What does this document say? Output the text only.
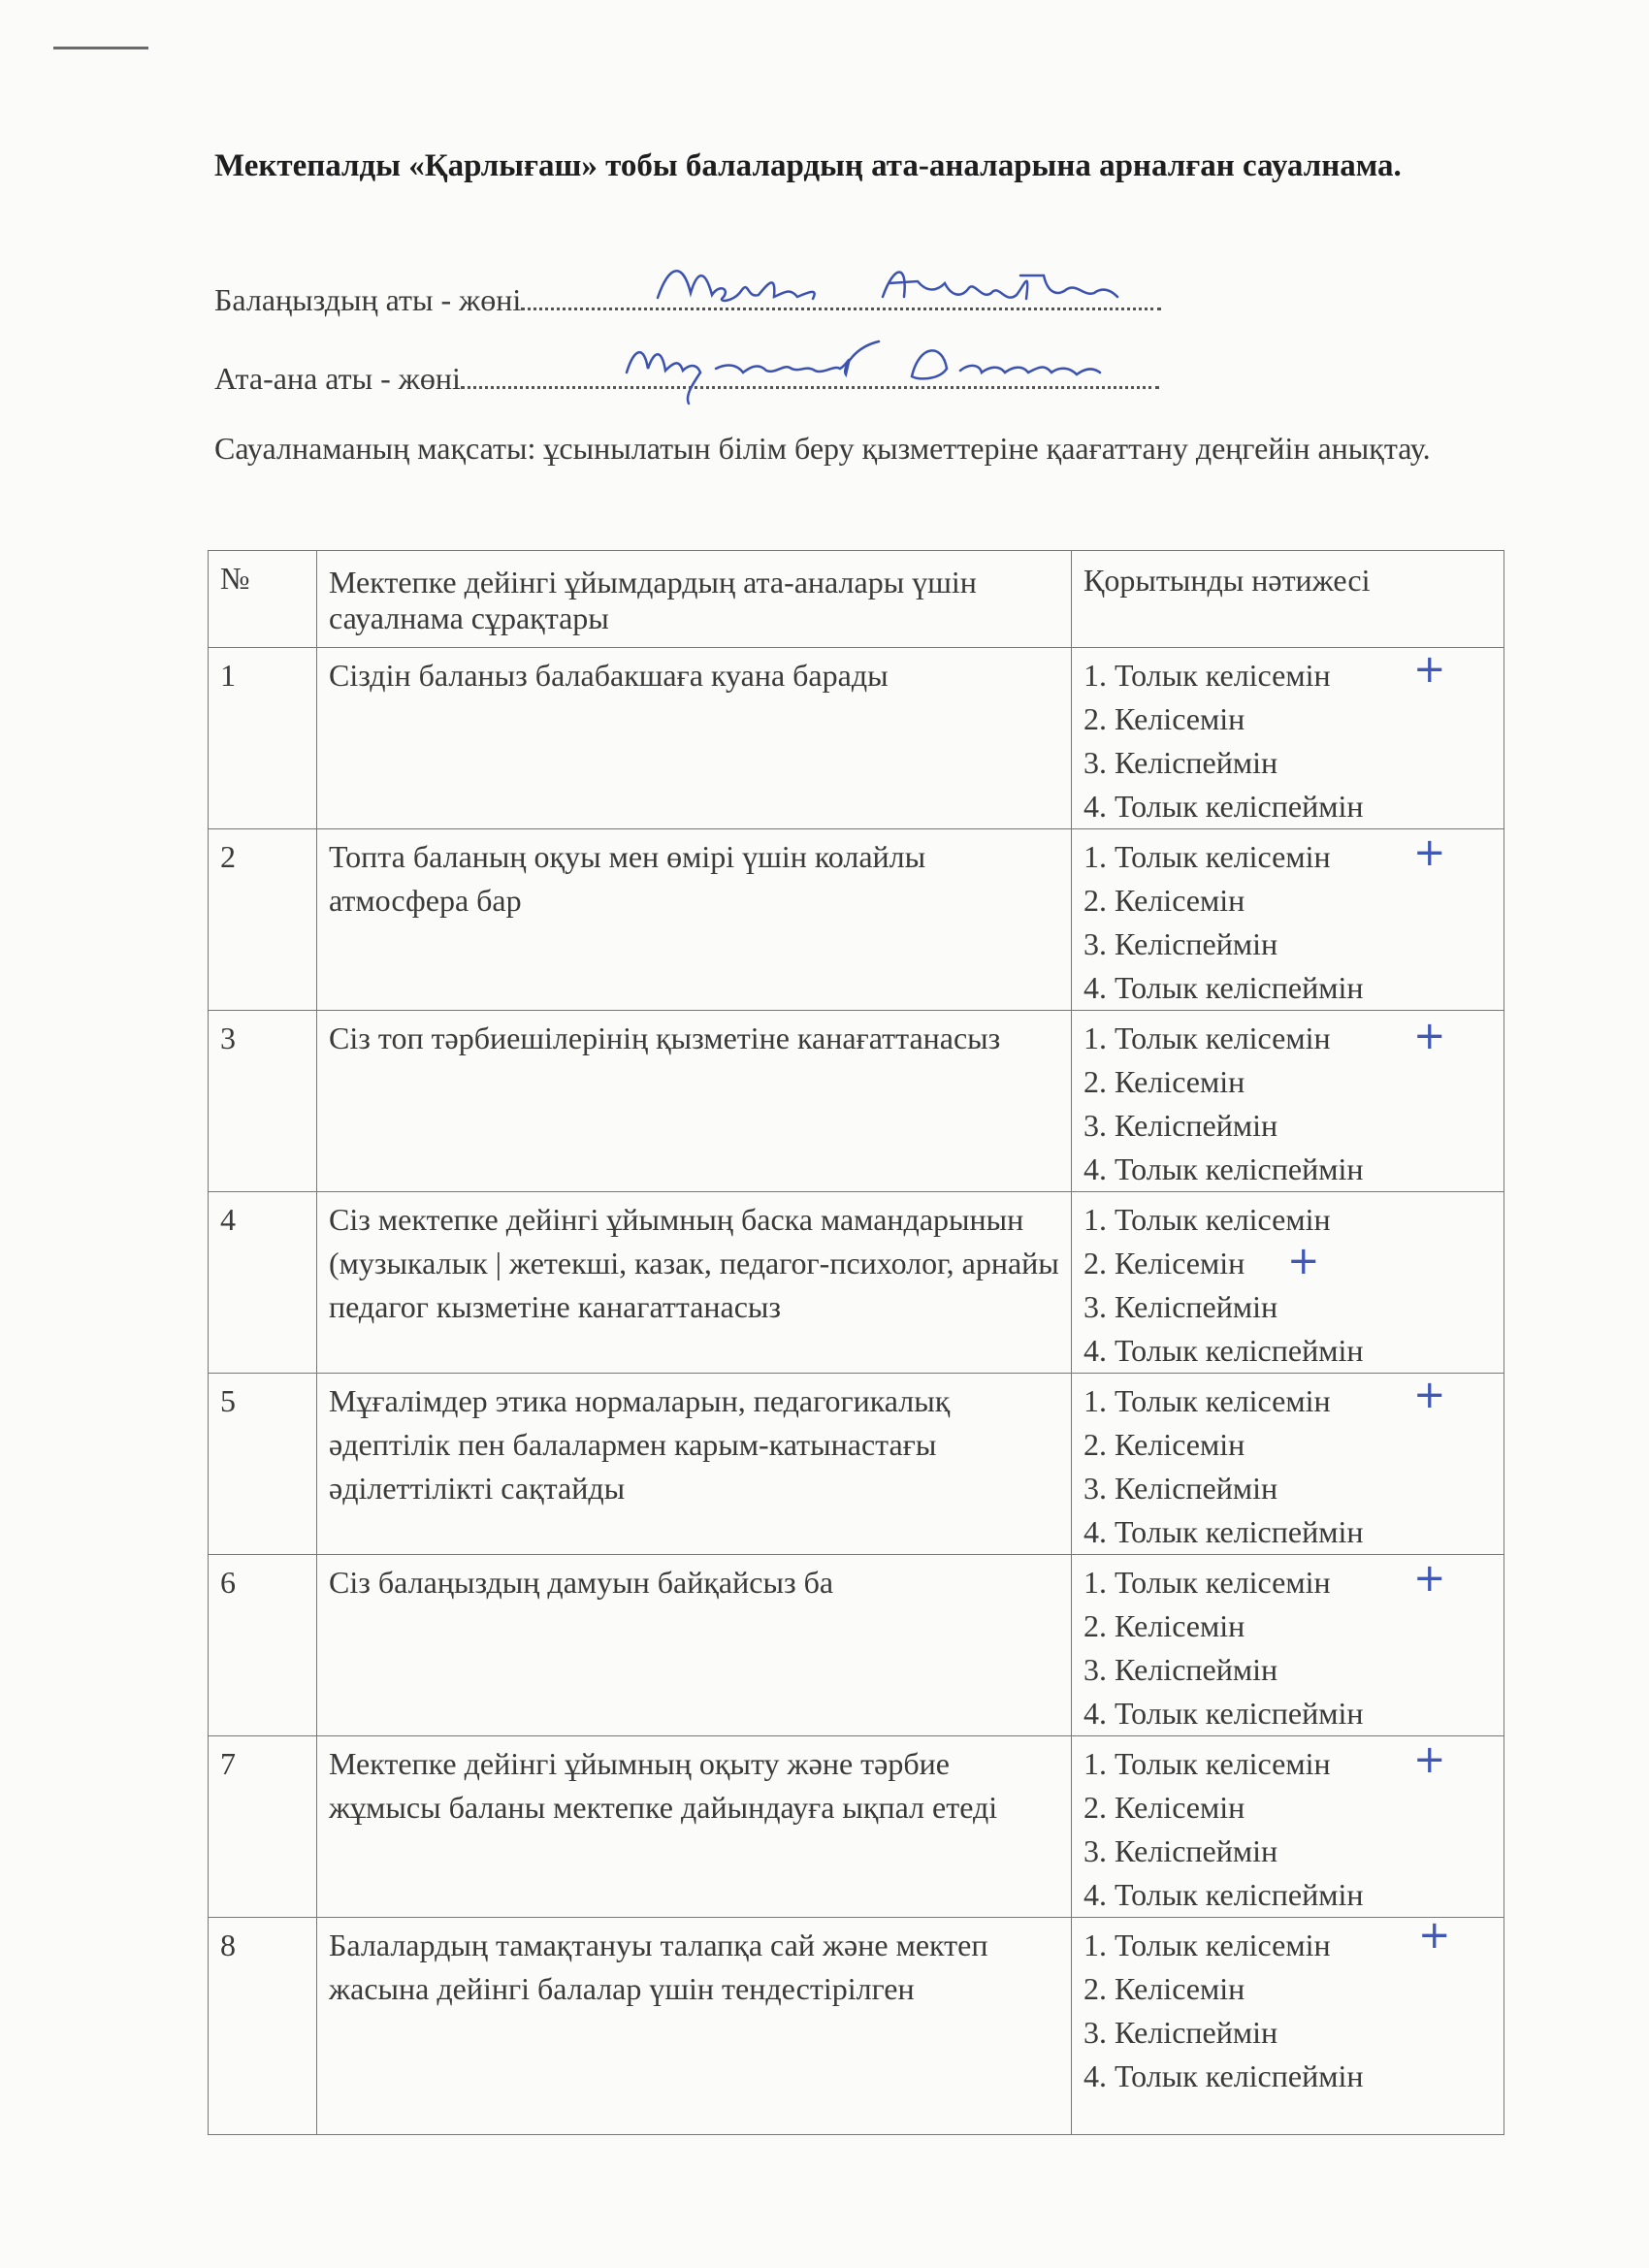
Мектепалды «Қарлығаш» тобы балалардың ата-аналарына арналған сауалнама.
Балаңыздың аты - жөні
Ата-ана аты - жөні
Сауалнаманың мақсаты: ұсынылатын білім беру қызметтеріне қаағаттану деңгейін анықтау.
№	Мектепке дейінгі ұйымдардың ата-аналары үшін сауалнама сұрақтары	Қорытынды нәтижесі
1	Сіздін баланыз балабакшаға куана барады	1. Толык келісемін +
2. Келісемін
3. Келіспеймін
4. Толык келіспеймін

2	Топта баланың оқуы мен өмірі үшін колайлы атмосфера бар	1. Толык келісемін +
2. Келісемін
3. Келіспеймін
4. Толык келіспеймін

3	Сіз топ тәрбиешілерінің қызметіне канағаттанасыз	1. Толык келісемін +
2. Келісемін
3. Келіспеймін
4. Толык келіспеймін

4	Сіз мектепке дейінгі ұйымның баска мамандарынын (музыкалык | жетекші, казак, педагог-психолог, арнайы педагог кызметіне канагаттанасыз	1. Толык келісемін
2. Келісемін +
3. Келіспеймін
4. Толык келіспеймін

5	Мұғалімдер этика нормаларын, педагогикалық әдептілік пен балалармен карым-катынастағы әділеттілікті сақтайды	1. Толык келісемін +
2. Келісемін
3. Келіспеймін
4. Толык келіспеймін

6	Сіз балаңыздың дамуын байқайсыз ба	1. Толык келісемін +
2. Келісемін
3. Келіспеймін
4. Толык келіспеймін

7	Мектепке дейінгі ұйымның оқыту және тәрбие жұмысы баланы мектепке дайындауға ықпал етеді	1. Толык келісемін +
2. Келісемін
3. Келіспеймін
4. Толык келіспеймін

8	Балалардың тамақтануы талапқа сай және мектеп жасына дейінгі балалар үшін тендестірілген	1. Толык келісемін +
2. Келісемін
3. Келіспеймін
4. Толык келіспеймін
